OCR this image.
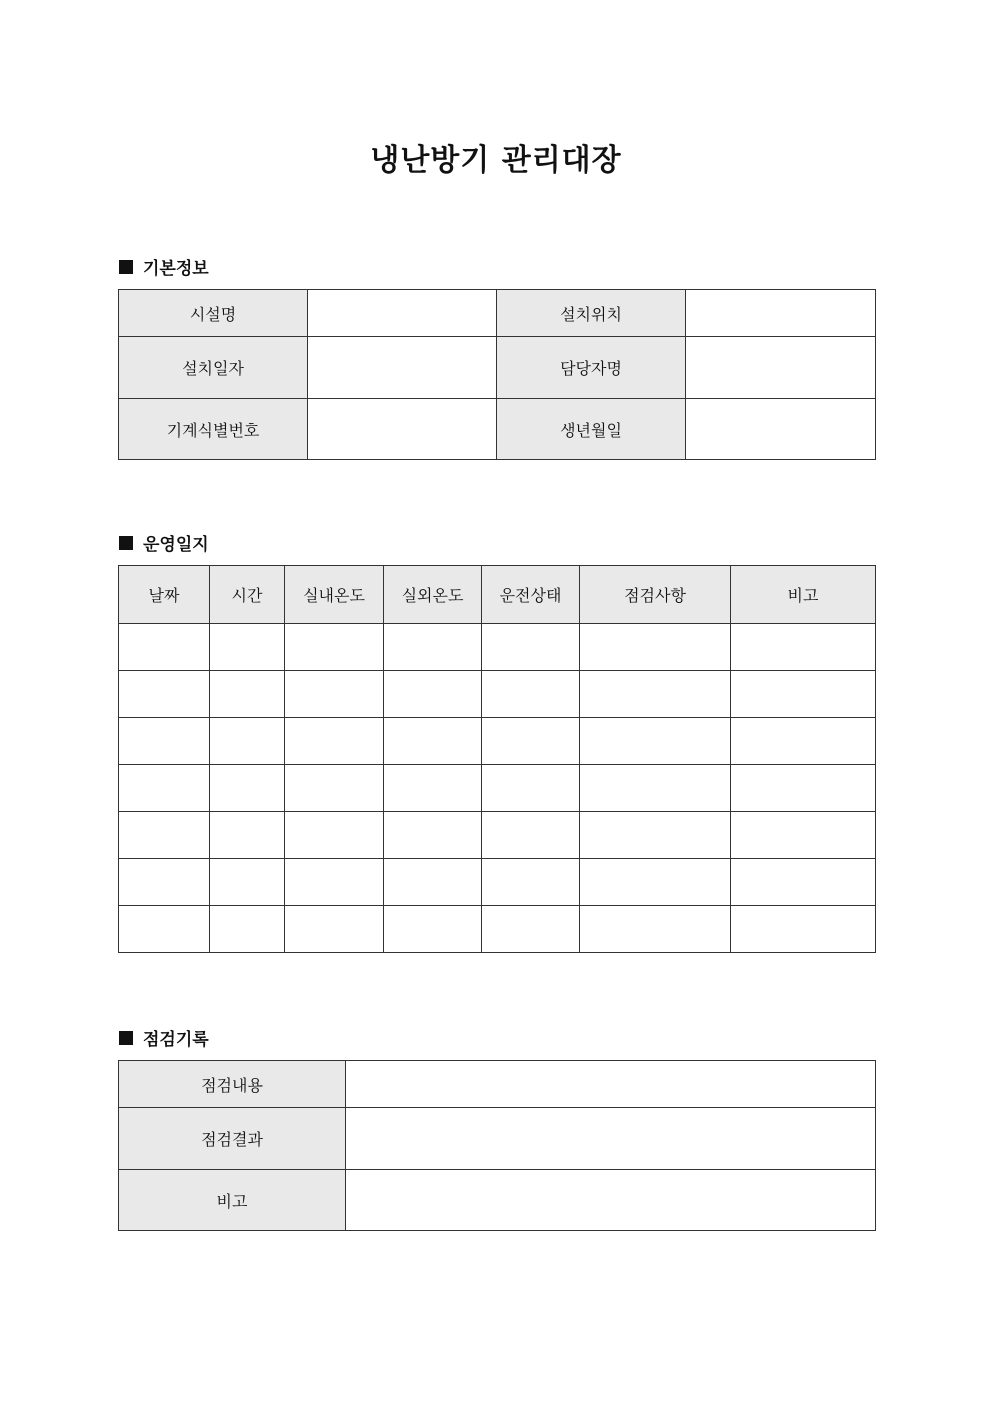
냉난방기 관리대장
기본정보
시설명		설치위치	
설치일자		담당자명	
기계식별번호		생년월일	
운영일지
날짜	시간	실내온도	실외온도	운전상태	점검사항	비고

점검기록
점검내용	
점검결과	
비고	
